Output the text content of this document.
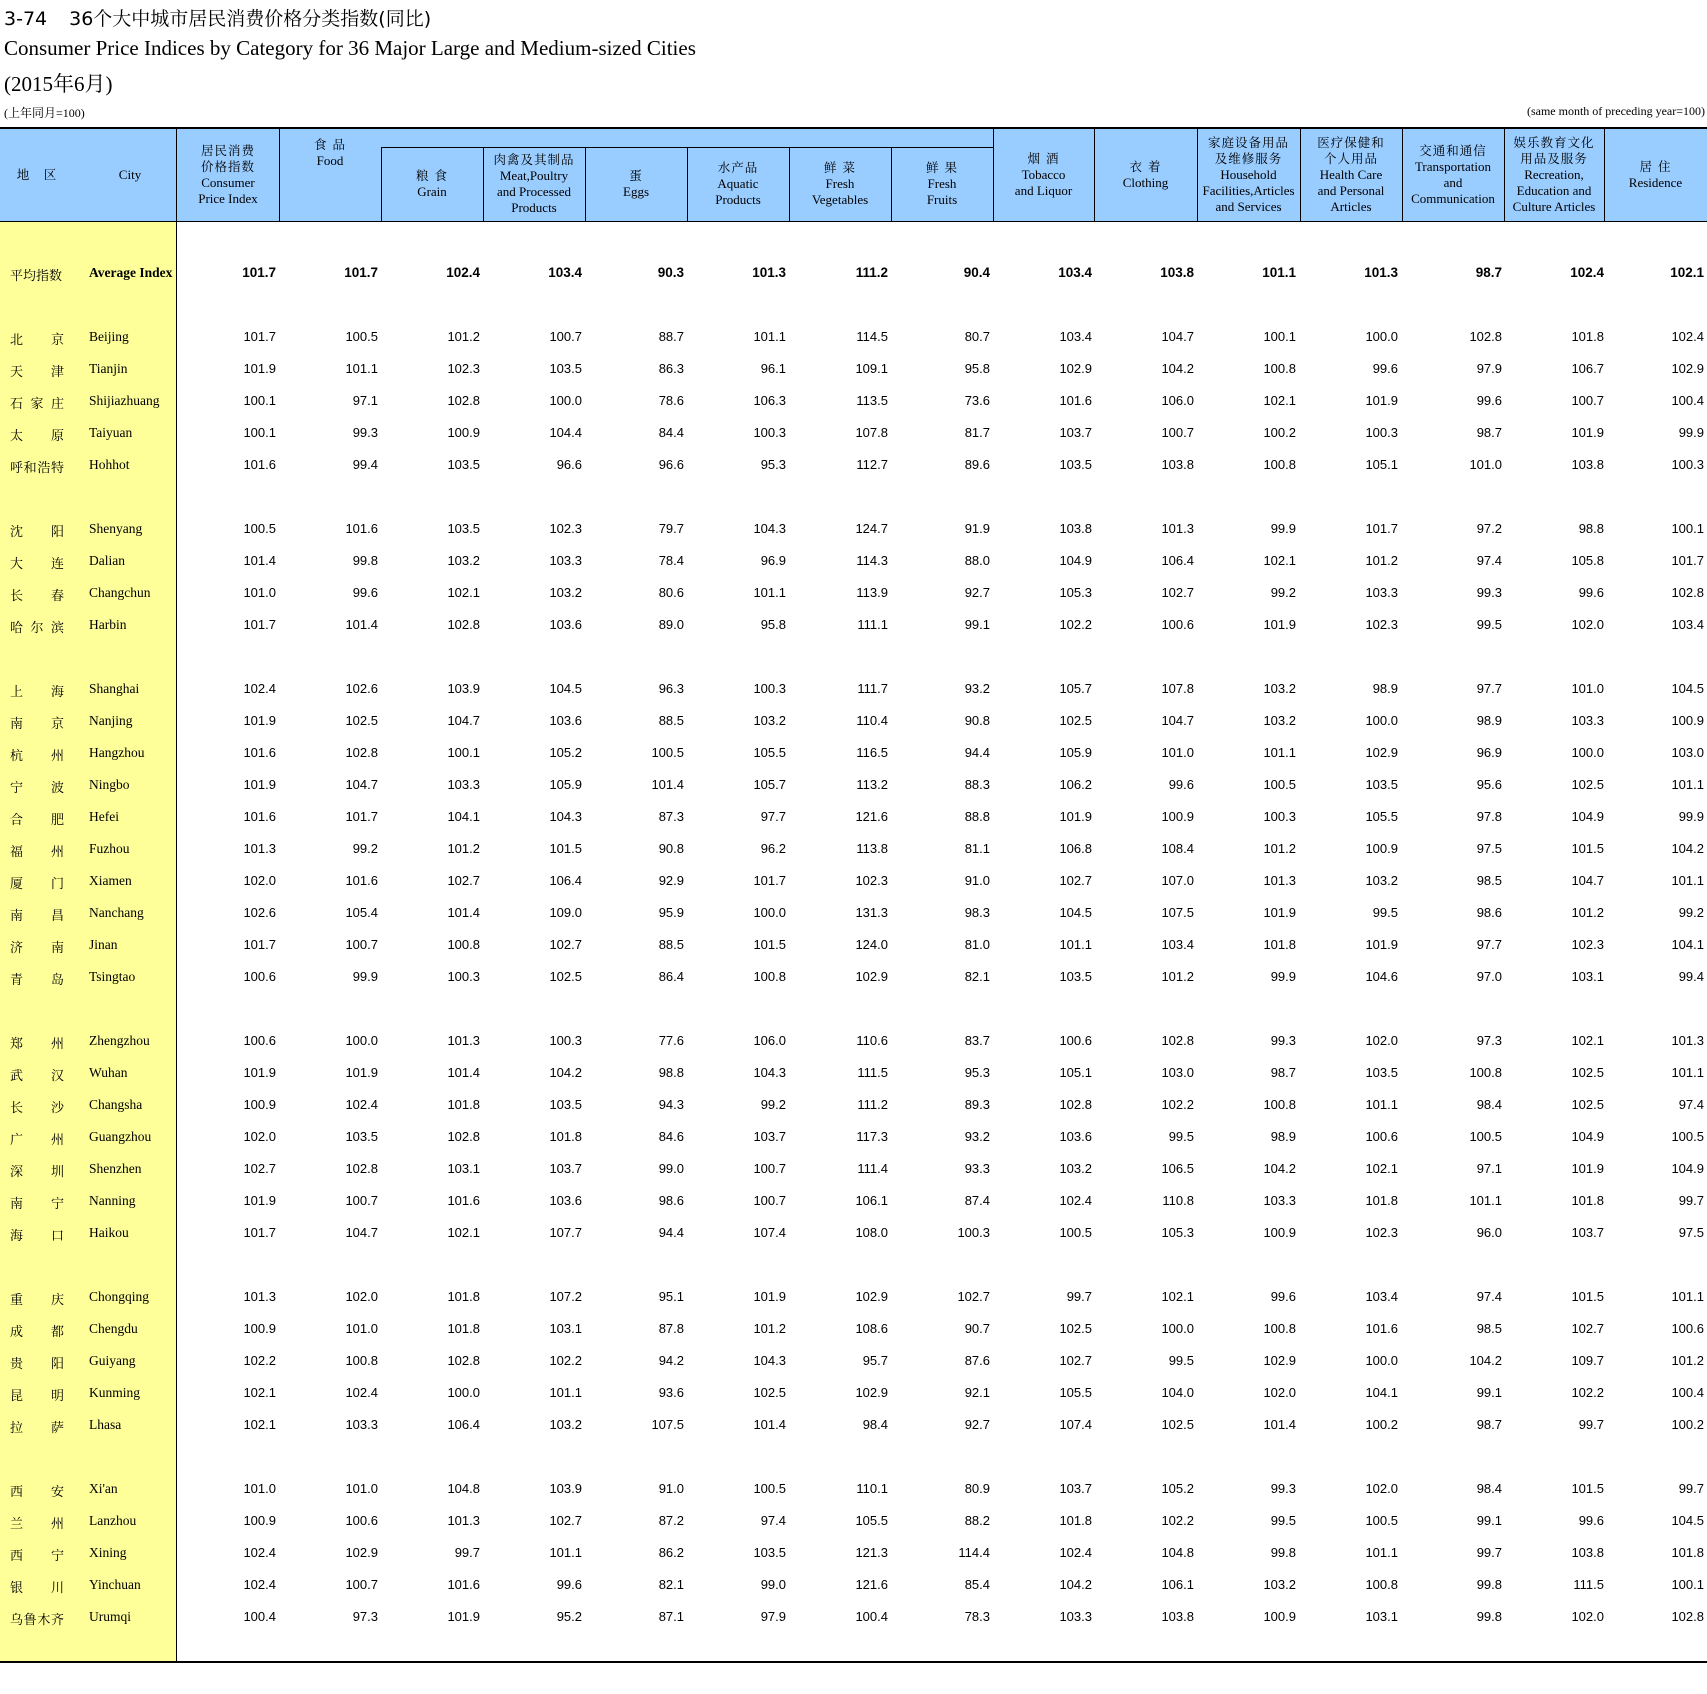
3-74 36个大中城市居民消费价格分类指数(同比)
Consumer Price Indices by Category for 36 Major Large and Medium-sized Cities
(2015年6月)
(上年同月=100)	(same month of preceding year=100)
地　区	City
居民消费
价格指数
Consumer
Price Index
食 品
Food
粮 食
Grain
肉禽及其制品
Meat,Poultry
and Processed
Products
蛋
Eggs
水产品
Aquatic
Products
鲜 菜
Fresh
Vegetables
鲜 果
Fresh
Fruits
烟 酒
Tobacco
and Liquor
衣 着
Clothing
家庭设备用品
及维修服务
Household
Facilities,Articles
and Services
医疗保健和
个人用品
Health Care
and Personal
Articles
交通和通信
Transportation
and
Communication
娱乐教育文化
用品及服务
Recreation,
Education and
Culture Articles
居 住
Residence
平均指数 Average Index	101.7	101.7	102.4	103.4	90.3	101.3	111.2	90.4	103.4	103.8	101.1	101.3	98.7	102.4	102.1
北 京 Beijing	101.7	100.5	101.2	100.7	88.7	101.1	114.5	80.7	103.4	104.7	100.1	100.0	102.8	101.8	102.4
天 津 Tianjin	101.9	101.1	102.3	103.5	86.3	96.1	109.1	95.8	102.9	104.2	100.8	99.6	97.9	106.7	102.9
石 家 庄 Shijiazhuang	100.1	97.1	102.8	100.0	78.6	106.3	113.5	73.6	101.6	106.0	102.1	101.9	99.6	100.7	100.4
太 原 Taiyuan	100.1	99.3	100.9	104.4	84.4	100.3	107.8	81.7	103.7	100.7	100.2	100.3	98.7	101.9	99.9
呼 和 浩 特 Hohhot	101.6	99.4	103.5	96.6	96.6	95.3	112.7	89.6	103.5	103.8	100.8	105.1	101.0	103.8	100.3
沈 阳 Shenyang	100.5	101.6	103.5	102.3	79.7	104.3	124.7	91.9	103.8	101.3	99.9	101.7	97.2	98.8	100.1
大 连 Dalian	101.4	99.8	103.2	103.3	78.4	96.9	114.3	88.0	104.9	106.4	102.1	101.2	97.4	105.8	101.7
长 春 Changchun	101.0	99.6	102.1	103.2	80.6	101.1	113.9	92.7	105.3	102.7	99.2	103.3	99.3	99.6	102.8
哈 尔 滨 Harbin	101.7	101.4	102.8	103.6	89.0	95.8	111.1	99.1	102.2	100.6	101.9	102.3	99.5	102.0	103.4
上 海 Shanghai	102.4	102.6	103.9	104.5	96.3	100.3	111.7	93.2	105.7	107.8	103.2	98.9	97.7	101.0	104.5
南 京 Nanjing	101.9	102.5	104.7	103.6	88.5	103.2	110.4	90.8	102.5	104.7	103.2	100.0	98.9	103.3	100.9
杭 州 Hangzhou	101.6	102.8	100.1	105.2	100.5	105.5	116.5	94.4	105.9	101.0	101.1	102.9	96.9	100.0	103.0
宁 波 Ningbo	101.9	104.7	103.3	105.9	101.4	105.7	113.2	88.3	106.2	99.6	100.5	103.5	95.6	102.5	101.1
合 肥 Hefei	101.6	101.7	104.1	104.3	87.3	97.7	121.6	88.8	101.9	100.9	100.3	105.5	97.8	104.9	99.9
福 州 Fuzhou	101.3	99.2	101.2	101.5	90.8	96.2	113.8	81.1	106.8	108.4	101.2	100.9	97.5	101.5	104.2
厦 门 Xiamen	102.0	101.6	102.7	106.4	92.9	101.7	102.3	91.0	102.7	107.0	101.3	103.2	98.5	104.7	101.1
南 昌 Nanchang	102.6	105.4	101.4	109.0	95.9	100.0	131.3	98.3	104.5	107.5	101.9	99.5	98.6	101.2	99.2
济 南 Jinan	101.7	100.7	100.8	102.7	88.5	101.5	124.0	81.0	101.1	103.4	101.8	101.9	97.7	102.3	104.1
青 岛 Tsingtao	100.6	99.9	100.3	102.5	86.4	100.8	102.9	82.1	103.5	101.2	99.9	104.6	97.0	103.1	99.4
郑 州 Zhengzhou	100.6	100.0	101.3	100.3	77.6	106.0	110.6	83.7	100.6	102.8	99.3	102.0	97.3	102.1	101.3
武 汉 Wuhan	101.9	101.9	101.4	104.2	98.8	104.3	111.5	95.3	105.1	103.0	98.7	103.5	100.8	102.5	101.1
长 沙 Changsha	100.9	102.4	101.8	103.5	94.3	99.2	111.2	89.3	102.8	102.2	100.8	101.1	98.4	102.5	97.4
广 州 Guangzhou	102.0	103.5	102.8	101.8	84.6	103.7	117.3	93.2	103.6	99.5	98.9	100.6	100.5	104.9	100.5
深 圳 Shenzhen	102.7	102.8	103.1	103.7	99.0	100.7	111.4	93.3	103.2	106.5	104.2	102.1	97.1	101.9	104.9
南 宁 Nanning	101.9	100.7	101.6	103.6	98.6	100.7	106.1	87.4	102.4	110.8	103.3	101.8	101.1	101.8	99.7
海 口 Haikou	101.7	104.7	102.1	107.7	94.4	107.4	108.0	100.3	100.5	105.3	100.9	102.3	96.0	103.7	97.5
重 庆 Chongqing	101.3	102.0	101.8	107.2	95.1	101.9	102.9	102.7	99.7	102.1	99.6	103.4	97.4	101.5	101.1
成 都 Chengdu	100.9	101.0	101.8	103.1	87.8	101.2	108.6	90.7	102.5	100.0	100.8	101.6	98.5	102.7	100.6
贵 阳 Guiyang	102.2	100.8	102.8	102.2	94.2	104.3	95.7	87.6	102.7	99.5	102.9	100.0	104.2	109.7	101.2
昆 明 Kunming	102.1	102.4	100.0	101.1	93.6	102.5	102.9	92.1	105.5	104.0	102.0	104.1	99.1	102.2	100.4
拉 萨 Lhasa	102.1	103.3	106.4	103.2	107.5	101.4	98.4	92.7	107.4	102.5	101.4	100.2	98.7	99.7	100.2
西 安 Xi'an	101.0	101.0	104.8	103.9	91.0	100.5	110.1	80.9	103.7	105.2	99.3	102.0	98.4	101.5	99.7
兰 州 Lanzhou	100.9	100.6	101.3	102.7	87.2	97.4	105.5	88.2	101.8	102.2	99.5	100.5	99.1	99.6	104.5
西 宁 Xining	102.4	102.9	99.7	101.1	86.2	103.5	121.3	114.4	102.4	104.8	99.8	101.1	99.7	103.8	101.8
银 川 Yinchuan	102.4	100.7	101.6	99.6	82.1	99.0	121.6	85.4	104.2	106.1	103.2	100.8	99.8	111.5	100.1
乌 鲁 木 齐 Urumqi	100.4	97.3	101.9	95.2	87.1	97.9	100.4	78.3	103.3	103.8	100.9	103.1	99.8	102.0	102.8
